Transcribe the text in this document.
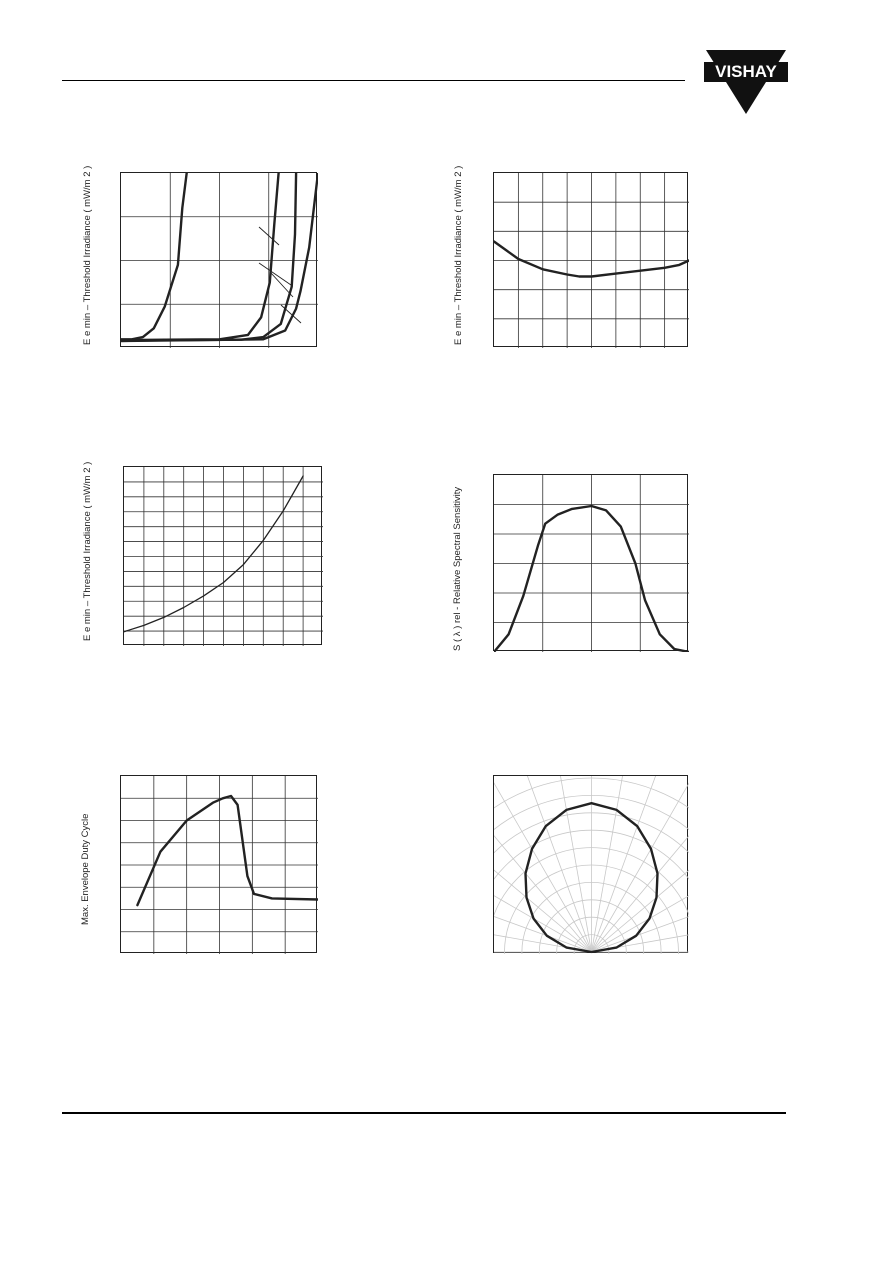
VISHAY
E e min – Threshold Irradiance ( mW/m 2 )	E e min – Threshold Irradiance ( mW/m 2 )
E e min – Threshold Irradiance ( mW/m 2 )	S ( λ ) rel - Relative Spectral Sensitivity
Max. Envelope Duty Cycle
